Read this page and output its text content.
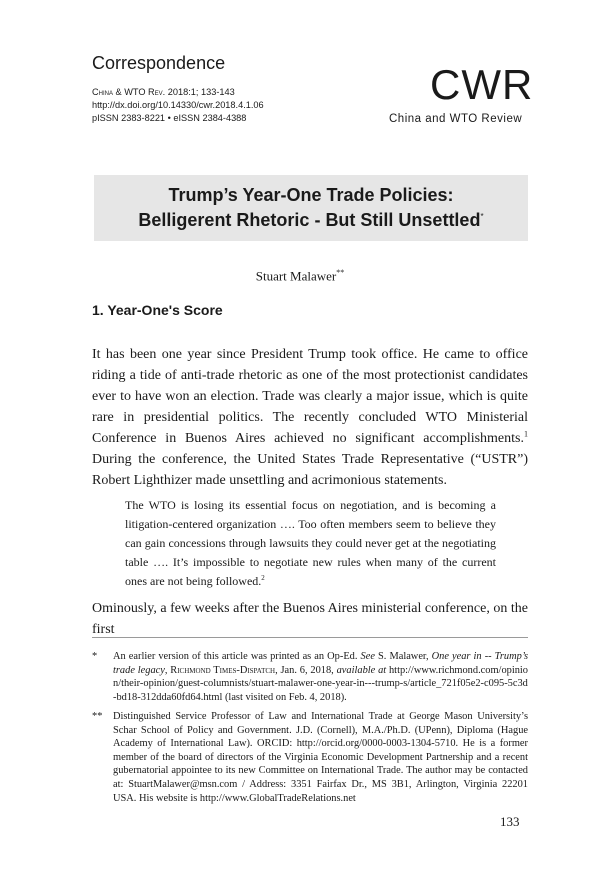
Correspondence
China & WTO Rev. 2018:1; 133-143
http://dx.doi.org/10.14330/cwr.2018.4.1.06
pISSN 2383-8221 • eISSN 2384-4388
CWR
China and WTO Review
Trump’s Year-One Trade Policies:
Belligerent Rhetoric - But Still Unsettled*
Stuart Malawer**
1. Year-One's Score
It has been one year since President Trump took office. He came to office riding a tide of anti-trade rhetoric as one of the most protectionist candidates ever to have won an election. Trade was clearly a major issue, which is quite rare in presidential politics. The recently concluded WTO Ministerial Conference in Buenos Aires achieved no significant accomplishments.$^1$ During the conference, the United States Trade Representative (“USTR”) Robert Lighthizer made unsettling and acrimonious statements.
The WTO is losing its essential focus on negotiation, and is becoming a litigation-centered organization …. Too often members seem to believe they can gain concessions through lawsuits they could never get at the negotiating table …. It’s impossible to negotiate new rules when many of the current ones are not being followed.$^2$
Ominously, a few weeks after the Buenos Aires ministerial conference, on the first
* An earlier version of this article was printed as an Op-Ed. See S. Malawer, One year in -- Trump’s trade legacy, Richmond Times-Dispatch, Jan. 6, 2018, available at http://www.richmond.com/opinion/their-opinion/guest-columnists/stuart-malawer-one-year-in---trump-s/article_721f05e2-c095-5c3d-bd18-312dda60fd64.html (last visited on Feb. 4, 2018).
** Distinguished Service Professor of Law and International Trade at George Mason University’s Schar School of Policy and Government. J.D. (Cornell), M.A./Ph.D. (UPenn), Diploma (Hague Academy of International Law). ORCID: http://orcid.org/0000-0003-1304-5710. He is a former member of the board of directors of the Virginia Economic Development Partnership and a recent gubernatorial appointee to its new Committee on International Trade. The author may be contacted at: StuartMalawer@msn.com / Address: 3351 Fairfax Dr., MS 3B1, Arlington, Virginia 22201 USA. His website is http://www.GlobalTradeRelations.net
133
